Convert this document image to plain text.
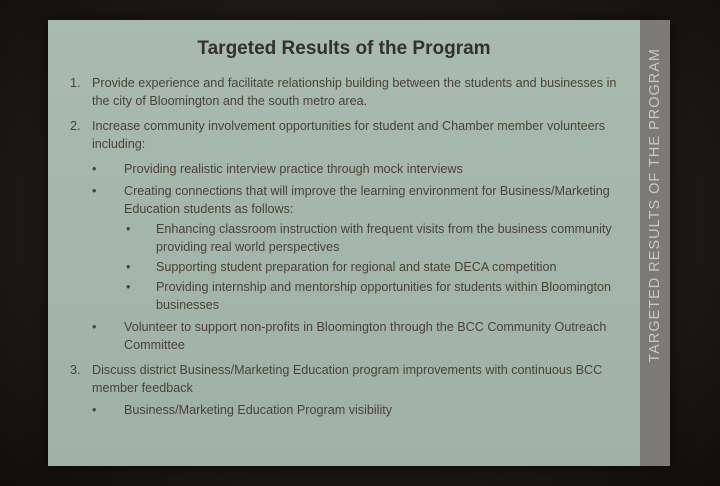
Targeted Results of the Program
1. Provide experience and facilitate relationship building between the students and businesses in the city of Bloomington and the south metro area.
2. Increase community involvement opportunities for student and Chamber member volunteers including:
• Providing realistic interview practice through mock interviews
• Creating connections that will improve the learning environment for Business/Marketing Education students as follows:
• Enhancing classroom instruction with frequent visits from the business community providing real world perspectives
• Supporting student preparation for regional and state DECA competition
• Providing internship and mentorship opportunities for students within Bloomington businesses
• Volunteer to support non-profits in Bloomington through the BCC Community Outreach Committee
3. Discuss district Business/Marketing Education program improvements with continuous BCC member feedback
• Business/Marketing Education Program visibility
TARGETED RESULTS OF THE PROGRAM
